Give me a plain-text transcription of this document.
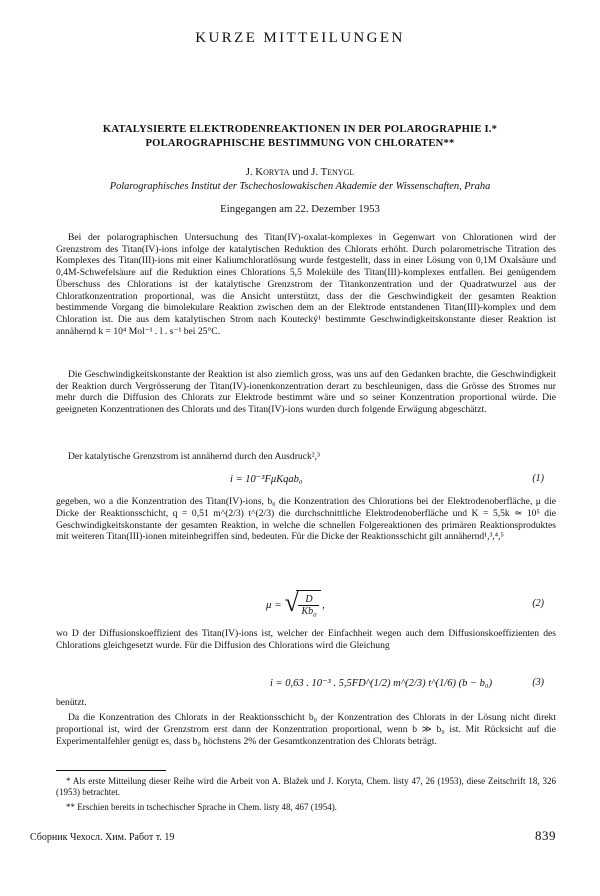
KURZE MITTEILUNGEN
KATALYSIERTE ELEKTRODENREAKTIONEN IN DER POLAROGRAPHIE I.*
POLAROGRAPHISCHE BESTIMMUNG VON CHLORATEN**
J. Koryta und J. Tenygl
Polarographisches Institut der Tschechoslowakischen Akademie der Wissenschaften, Praha
Eingegangen am 22. Dezember 1953
Bei der polarographischen Untersuchung des Titan(IV)-oxalat-komplexes in Gegenwart von Chlorationen wird der Grenzstrom des Titan(IV)-ions infolge der katalytischen Reduktion des Chlorats erhöht. Durch polarometrische Titration des Komplexes des Titan(III)-ions mit einer Kaliumchloratlösung wurde festgestellt, dass in einer Lösung von 0,1M Oxalsäure und 0,4M-Schwefelsäure auf die Reduktion eines Chlorations 5,5 Moleküle des Titan(III)-komplexes entfallen. Bei genügendem Überschuss des Chlorations ist der katalytische Grenzstrom der Titankonzentration und der Quadratwurzel aus der Chloratkonzentration proportional, was die Ansicht unterstützt, dass der die Geschwindigkeit der gesamten Reaktion bestimmende Vorgang die bimolekulare Reaktion zwischen dem an der Elektrode entstandenen Titan(III)-komplex und dem Chloration ist. Die aus dem katalytischen Strom nach Koutecký¹ bestimmte Geschwindigkeitskonstante dieser Reaktion ist annähernd k = 10⁴ Mol⁻¹ . l . s⁻¹ bei 25°C.
Die Geschwindigkeitskonstante der Reaktion ist also ziemlich gross, was uns auf den Gedanken brachte, die Geschwindigkeit der Reaktion durch Vergrösserung der Titan(IV)-ionenkonzentration derart zu beschleunigen, dass die Grösse des Stromes nur mehr durch die Diffusion des Chlorats zur Elektrode bestimmt wäre und so seiner Konzentration proportional würde. Die geeigneten Konzentrationen des Chlorats und des Titan(IV)-ions wurden durch folgende Erwägung abgeschätzt.
Der katalytische Grenzstrom ist annähernd durch den Ausdruck²,³
i = 10⁻³FμKqab₀	(1)
gegeben, wo a die Konzentration des Titan(IV)-ions, b₀ die Konzentration des Chlorations bei der Elektrodenoberfläche, μ die Dicke der Reaktionsschicht, q = 0,51 m^(2/3) t^(2/3) die durchschnittliche Elektrodenoberfläche und K = 5,5k ≃ 10⁵ die Geschwindigkeitskonstante der gesamten Reaktion, in welche die schnellen Folgereaktionen des primären Reaktionsproduktes mit weiteren Titan(III)-ionen miteinbegriffen sind, bedeuten. Für die Dicke der Reaktionsschicht gilt annähernd¹,³,⁴,⁵
μ = √ $\frac{D}{Kb_0}$ ,	(2)
wo D der Diffusionskoeffizient des Titan(IV)-ions ist, welcher der Einfachheit wegen auch dem Diffusionskoeffizienten des Chlorations gleichgesetzt wurde. Für die Diffusion des Chlorations wird die Gleichung
i = 0,63 . 10⁻³ . 5,5FD^(1/2) m^(2/3) t^(1/6) (b − b₀)	(3)
benützt.
Da die Konzentration des Chlorats in der Reaktionsschicht b₀ der Konzentration des Chlorats in der Lösung nicht direkt proportional ist, wird der Grenzstrom erst dann der Konzentration proportional, wenn b ≫ b₀ ist. Mit Rücksicht auf die Experimentalfehler genügt es, dass b₀ höchstens 2% der Gesamtkonzentration des Chlorats beträgt.
* Als erste Mitteilung dieser Reihe wird die Arbeit von A. Blažek und J. Koryta, Chem. listy 47, 26 (1953), diese Zeitschrift 18, 326 (1953) betrachtet.
** Erschien bereits in tschechischer Sprache in Chem. listy 48, 467 (1954).
Сборник Чехосл. Хим. Работ т. 19	839
